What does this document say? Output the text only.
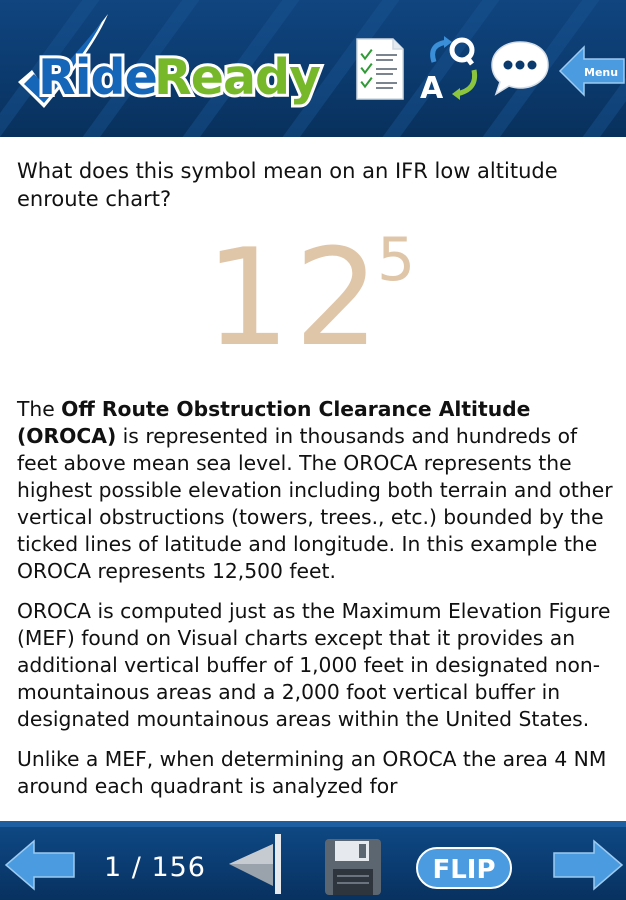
Ride
Ready	A	Menu

What does this symbol mean on an IFR low altitude enroute chart?

12
5

The Off Route Obstruction Clearance Altitude
(OROCA) is represented in thousands and hundreds of feet above mean sea level. The OROCA represents the highest possible elevation including both terrain and other vertical obstructions (towers, trees., etc.) bounded by the ticked lines of latitude and longitude. In this example the OROCA represents 12,500 feet.

OROCA is computed just as the Maximum Elevation Figure (MEF) found on Visual charts except that it provides an additional vertical buffer of 1,000 feet in designated non-mountainous areas and a 2,000 foot vertical buffer in designated mountainous areas within the United States.

Unlike a MEF, when determining an OROCA the area 4 NM around each quadrant is analyzed for

1 / 156	FLIP
